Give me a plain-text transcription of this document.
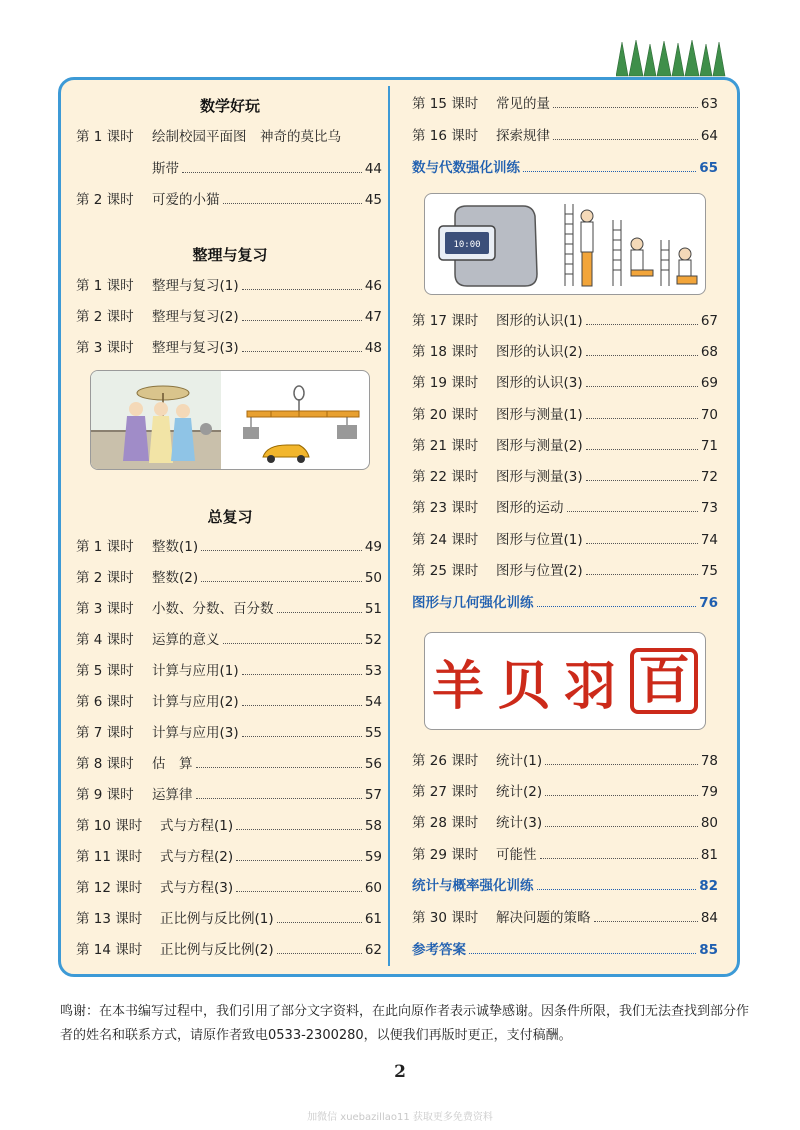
数学好玩
第 1 课时	绘制校园平面图　神奇的莫比乌
斯带	44
第 2 课时	可爱的小猫	45
整理与复习
第 1 课时	整理与复习(1)	46
第 2 课时	整理与复习(2)	47
第 3 课时	整理与复习(3)	48
总复习
第 1 课时	整数(1)	49
第 2 课时	整数(2)	50
第 3 课时	小数、分数、百分数	51
第 4 课时	运算的意义	52
第 5 课时	计算与应用(1)	53
第 6 课时	计算与应用(2)	54
第 7 课时	计算与应用(3)	55
第 8 课时	估　算	56
第 9 课时	运算律	57
第 10 课时	式与方程(1)	58
第 11 课时	式与方程(2)	59
第 12 课时	式与方程(3)	60
第 13 课时	正比例与反比例(1)	61
第 14 课时	正比例与反比例(2)	62
第 15 课时	常见的量	63
第 16 课时	探索规律	64
数与代数强化训练	65
第 17 课时	图形的认识(1)	67
第 18 课时	图形的认识(2)	68
第 19 课时	图形的认识(3)	69
第 20 课时	图形与测量(1)	70
第 21 课时	图形与测量(2)	71
第 22 课时	图形与测量(3)	72
第 23 课时	图形的运动	73
第 24 课时	图形与位置(1)	74
第 25 课时	图形与位置(2)	75
图形与几何强化训练	76
第 26 课时	统计(1)	78
第 27 课时	统计(2)	79
第 28 课时	统计(3)	80
第 29 课时	可能性	81
统计与概率强化训练	82
第 30 课时	解决问题的策略	84
参考答案	85
10:00
羊 贝 羽 百
鸣谢：在本书编写过程中，我们引用了部分文字资料，在此向原作者表示诚挚感谢。因条件所限，我们无法查找到部分作者的姓名和联系方式，请原作者致电0533-2300280，以便我们再版时更正，支付稿酬。
2
加微信 xuebazillao11 获取更多免费资料
